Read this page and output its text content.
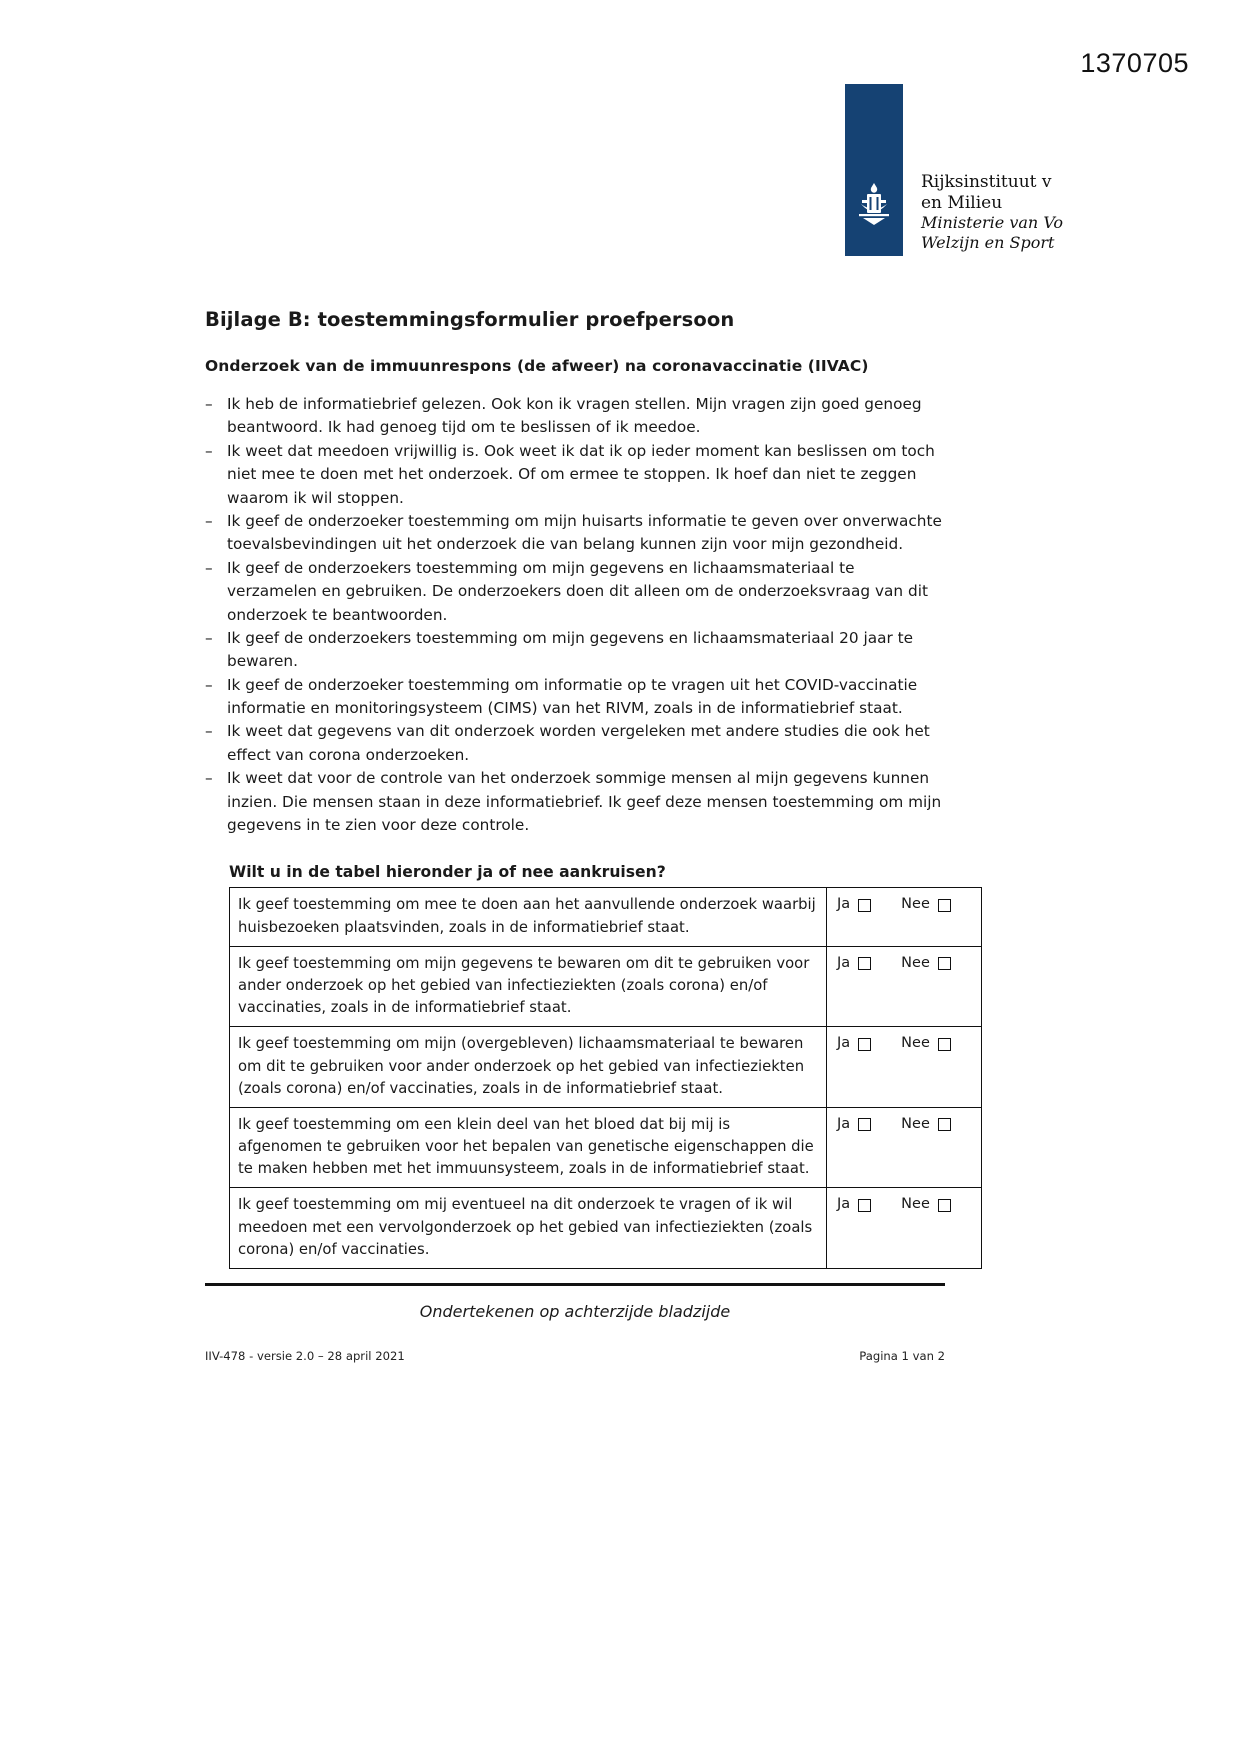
1370705
Rijksinstituut v
en Milieu
Ministerie van Vo
Welzijn en Sport
Bijlage B: toestemmingsformulier proefpersoon
Onderzoek van de immuunrespons (de afweer) na coronavaccinatie (IIVAC)
– Ik heb de informatiebrief gelezen. Ook kon ik vragen stellen. Mijn vragen zijn goed genoeg beantwoord. Ik had genoeg tijd om te beslissen of ik meedoe.
– Ik weet dat meedoen vrijwillig is. Ook weet ik dat ik op ieder moment kan beslissen om toch niet mee te doen met het onderzoek. Of om ermee te stoppen. Ik hoef dan niet te zeggen waarom ik wil stoppen.
– Ik geef de onderzoeker toestemming om mijn huisarts informatie te geven over onverwachte toevalsbevindingen uit het onderzoek die van belang kunnen zijn voor mijn gezondheid.
– Ik geef de onderzoekers toestemming om mijn gegevens en lichaamsmateriaal te verzamelen en gebruiken. De onderzoekers doen dit alleen om de onderzoeksvraag van dit onderzoek te beantwoorden.
– Ik geef de onderzoekers toestemming om mijn gegevens en lichaamsmateriaal 20 jaar te bewaren.
– Ik geef de onderzoeker toestemming om informatie op te vragen uit het COVID-vaccinatie informatie en monitoringsysteem (CIMS) van het RIVM, zoals in de informatiebrief staat.
– Ik weet dat gegevens van dit onderzoek worden vergeleken met andere studies die ook het effect van corona onderzoeken.
– Ik weet dat voor de controle van het onderzoek sommige mensen al mijn gegevens kunnen inzien. Die mensen staan in deze informatiebrief. Ik geef deze mensen toestemming om mijn gegevens in te zien voor deze controle.
Wilt u in de tabel hieronder ja of nee aankruisen?
Ik geef toestemming om mee te doen aan het aanvullende onderzoek waarbij huisbezoeken plaatsvinden, zoals in de informatiebrief staat.	Ja Nee

Ik geef toestemming om mijn gegevens te bewaren om dit te gebruiken voor ander onderzoek op het gebied van infectieziekten (zoals corona) en/of vaccinaties, zoals in de informatiebrief staat.	Ja Nee

Ik geef toestemming om mijn (overgebleven) lichaamsmateriaal te bewaren om dit te gebruiken voor ander onderzoek op het gebied van infectieziekten (zoals corona) en/of vaccinaties, zoals in de informatiebrief staat.	Ja Nee

Ik geef toestemming om een klein deel van het bloed dat bij mij is afgenomen te gebruiken voor het bepalen van genetische eigenschappen die te maken hebben met het immuunsysteem, zoals in de informatiebrief staat.	Ja Nee

Ik geef toestemming om mij eventueel na dit onderzoek te vragen of ik wil meedoen met een vervolgonderzoek op het gebied van infectieziekten (zoals corona) en/of vaccinaties.	Ja Nee
Ondertekenen op achterzijde bladzijde
IIV-478 - versie 2.0 – 28 april 2021	Pagina 1 van 2
